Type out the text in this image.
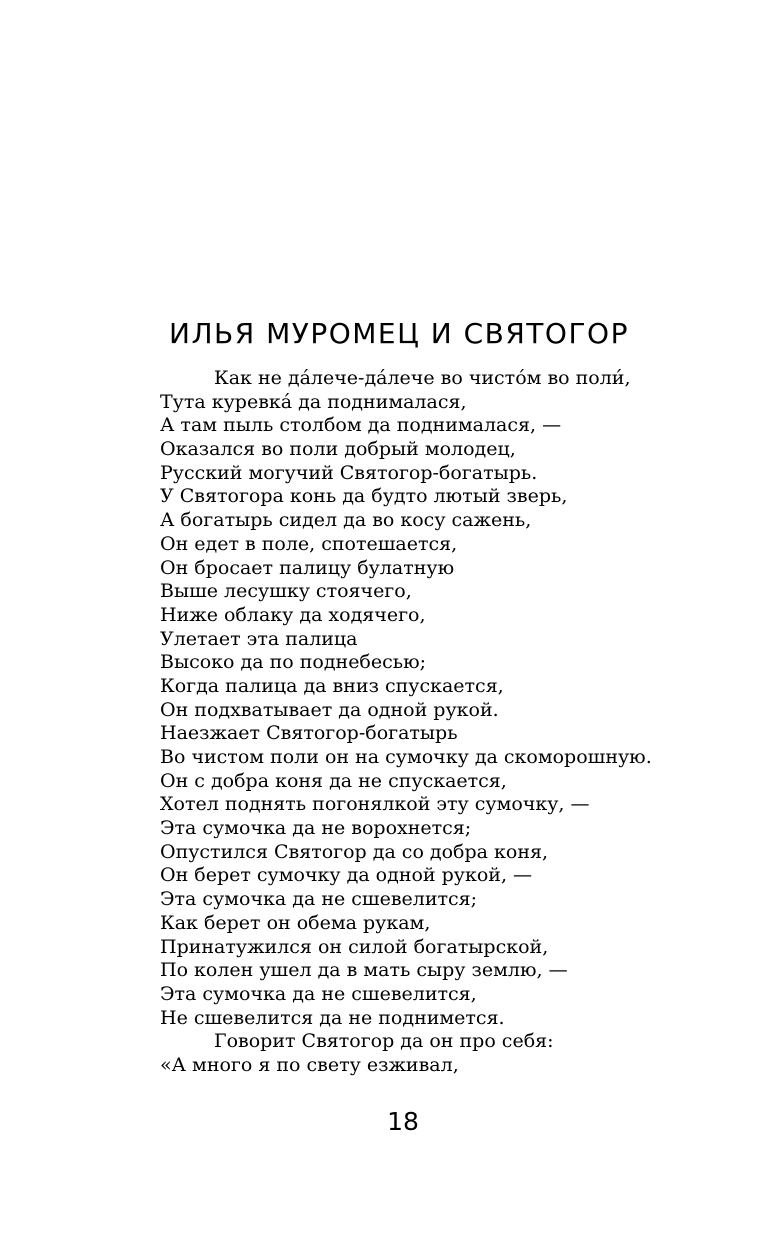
ИЛЬЯ МУРОМЕЦ И СВЯТОГОР
Как не да́лече-да́лече во чисто́м во поли́,
Тута куревка́ да поднималася,
А там пыль столбом да поднималася, —
Оказался во поли добрый молодец,
Русский могучий Святогор-богатырь.
У Святогора конь да будто лютый зверь,
А богатырь сидел да во косу сажень,
Он едет в поле, спотешается,
Он бросает палицу булатную
Выше лесушку стоячего,
Ниже облаку да ходячего,
Улетает эта палица
Высоко да по поднебесью;
Когда палица да вниз спускается,
Он подхватывает да одной рукой.
Наезжает Святогор-богатырь
Во чистом поли он на сумочку да скоморошную.
Он с добра коня да не спускается,
Хотел поднять погонялкой эту сумочку, —
Эта сумочка да не ворохнется;
Опустился Святогор да со добра коня,
Он берет сумочку да одной рукой, —
Эта сумочка да не сшевелится;
Как берет он обема рукам,
Принатужился он силой богатырской,
По колен ушел да в мать сыру землю, —
Эта сумочка да не сшевелится,
Не сшевелится да не поднимется.
Говорит Святогор да он про себя:
«А много я по свету езживал,
18
